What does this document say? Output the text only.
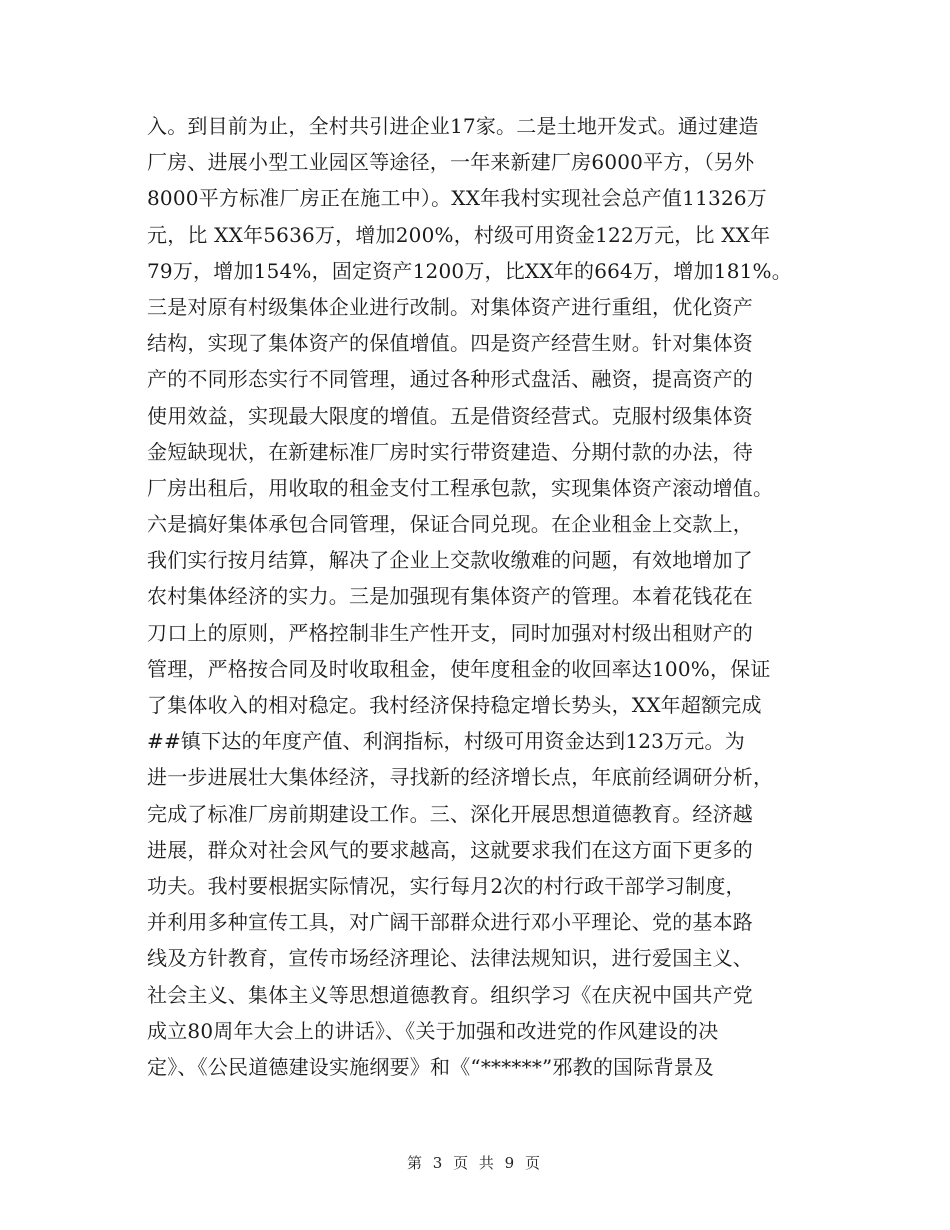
入。到目前为止，全村共引进企业17家。二是土地开发式。通过建造
厂房、进展小型工业园区等途径，一年来新建厂房6000平方，（另外
8000平方标准厂房正在施工中）。XX年我村实现社会总产值11326万
元，比 XX年5636万，增加200%，村级可用资金122万元，比 XX年
79万，增加154%，固定资产1200万，比XX年的664万，增加181%。
三是对原有村级集体企业进行改制。对集体资产进行重组，优化资产
结构，实现了集体资产的保值增值。四是资产经营生财。针对集体资
产的不同形态实行不同管理，通过各种形式盘活、融资，提高资产的
使用效益，实现最大限度的增值。五是借资经营式。克服村级集体资
金短缺现状，在新建标准厂房时实行带资建造、分期付款的办法，待
厂房出租后，用收取的租金支付工程承包款，实现集体资产滚动增值。
六是搞好集体承包合同管理，保证合同兑现。在企业租金上交款上，
我们实行按月结算，解决了企业上交款收缴难的问题，有效地增加了
农村集体经济的实力。三是加强现有集体资产的管理。本着花钱花在
刀口上的原则，严格控制非生产性开支，同时加强对村级出租财产的
管理，严格按合同及时收取租金，使年度租金的收回率达100%，保证
了集体收入的相对稳定。我村经济保持稳定增长势头，XX年超额完成
##镇下达的年度产值、利润指标，村级可用资金达到123万元。为
进一步进展壮大集体经济，寻找新的经济增长点，年底前经调研分析，
完成了标准厂房前期建设工作。三、深化开展思想道德教育。经济越
进展，群众对社会风气的要求越高，这就要求我们在这方面下更多的
功夫。我村要根据实际情况，实行每月2次的村行政干部学习制度，
并利用多种宣传工具，对广阔干部群众进行邓小平理论、党的基本路
线及方针教育，宣传市场经济理论、法律法规知识，进行爱国主义、
社会主义、集体主义等思想道德教育。组织学习《在庆祝中国共产党
成立80周年大会上的讲话》、《关于加强和改进党的作风建设的决
定》、《公民道德建设实施纲要》和《“******”邪教的国际背景及
第 3 页 共 9 页
